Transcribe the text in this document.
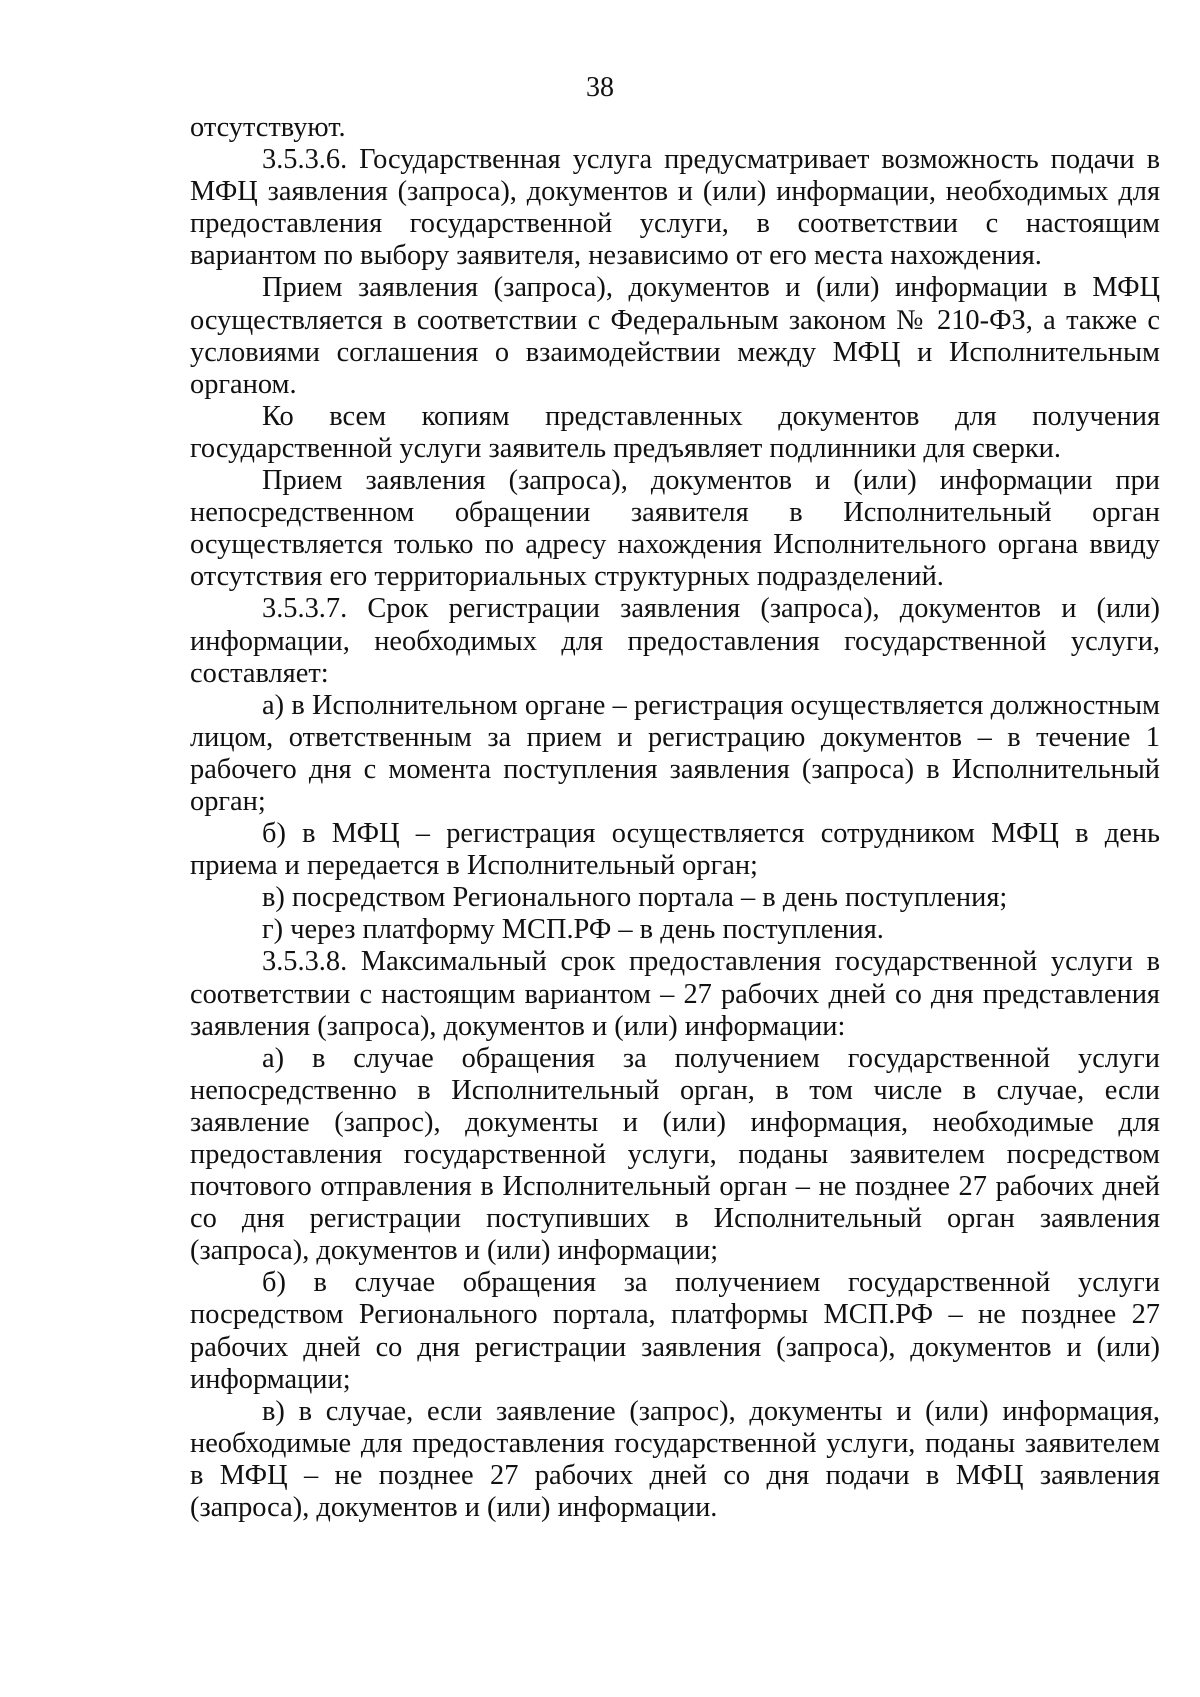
38

отсутствуют.

3.5.3.6. Государственная услуга предусматривает возможность подачи в МФЦ заявления (запроса), документов и (или) информации, необходимых для предоставления государственной услуги, в соответствии с настоящим вариантом по выбору заявителя, независимо от его места нахождения.

Прием заявления (запроса), документов и (или) информации в МФЦ осуществляется в соответствии с Федеральным законом № 210-ФЗ, а также с условиями соглашения о взаимодействии между МФЦ и Исполнительным органом.

Ко всем копиям представленных документов для получения государственной услуги заявитель предъявляет подлинники для сверки.

Прием заявления (запроса), документов и (или) информации при непосредственном обращении заявителя в Исполнительный орган осуществляется только по адресу нахождения Исполнительного органа ввиду отсутствия его территориальных структурных подразделений.

3.5.3.7. Срок регистрации заявления (запроса), документов и (или) информации, необходимых для предоставления государственной услуги, составляет:

а) в Исполнительном органе – регистрация осуществляется должностным лицом, ответственным за прием и регистрацию документов – в течение 1 рабочего дня с момента поступления заявления (запроса) в Исполнительный орган;

б) в МФЦ – регистрация осуществляется сотрудником МФЦ в день приема и передается в Исполнительный орган;

в) посредством Регионального портала – в день поступления;

г) через платформу МСП.РФ – в день поступления.

3.5.3.8. Максимальный срок предоставления государственной услуги в соответствии с настоящим вариантом – 27 рабочих дней со дня представления заявления (запроса), документов и (или) информации:

а) в случае обращения за получением государственной услуги непосредственно в Исполнительный орган, в том числе в случае, если заявление (запрос), документы и (или) информация, необходимые для предоставления государственной услуги, поданы заявителем посредством почтового отправления в Исполнительный орган – не позднее 27 рабочих дней со дня регистрации поступивших в Исполнительный орган заявления (запроса), документов и (или) информации;

б) в случае обращения за получением государственной услуги посредством Регионального портала, платформы МСП.РФ – не позднее 27 рабочих дней со дня регистрации заявления (запроса), документов и (или) информации;

в) в случае, если заявление (запрос), документы и (или) информация, необходимые для предоставления государственной услуги, поданы заявителем в МФЦ – не позднее 27 рабочих дней со дня подачи в МФЦ заявления (запроса), документов и (или) информации.
